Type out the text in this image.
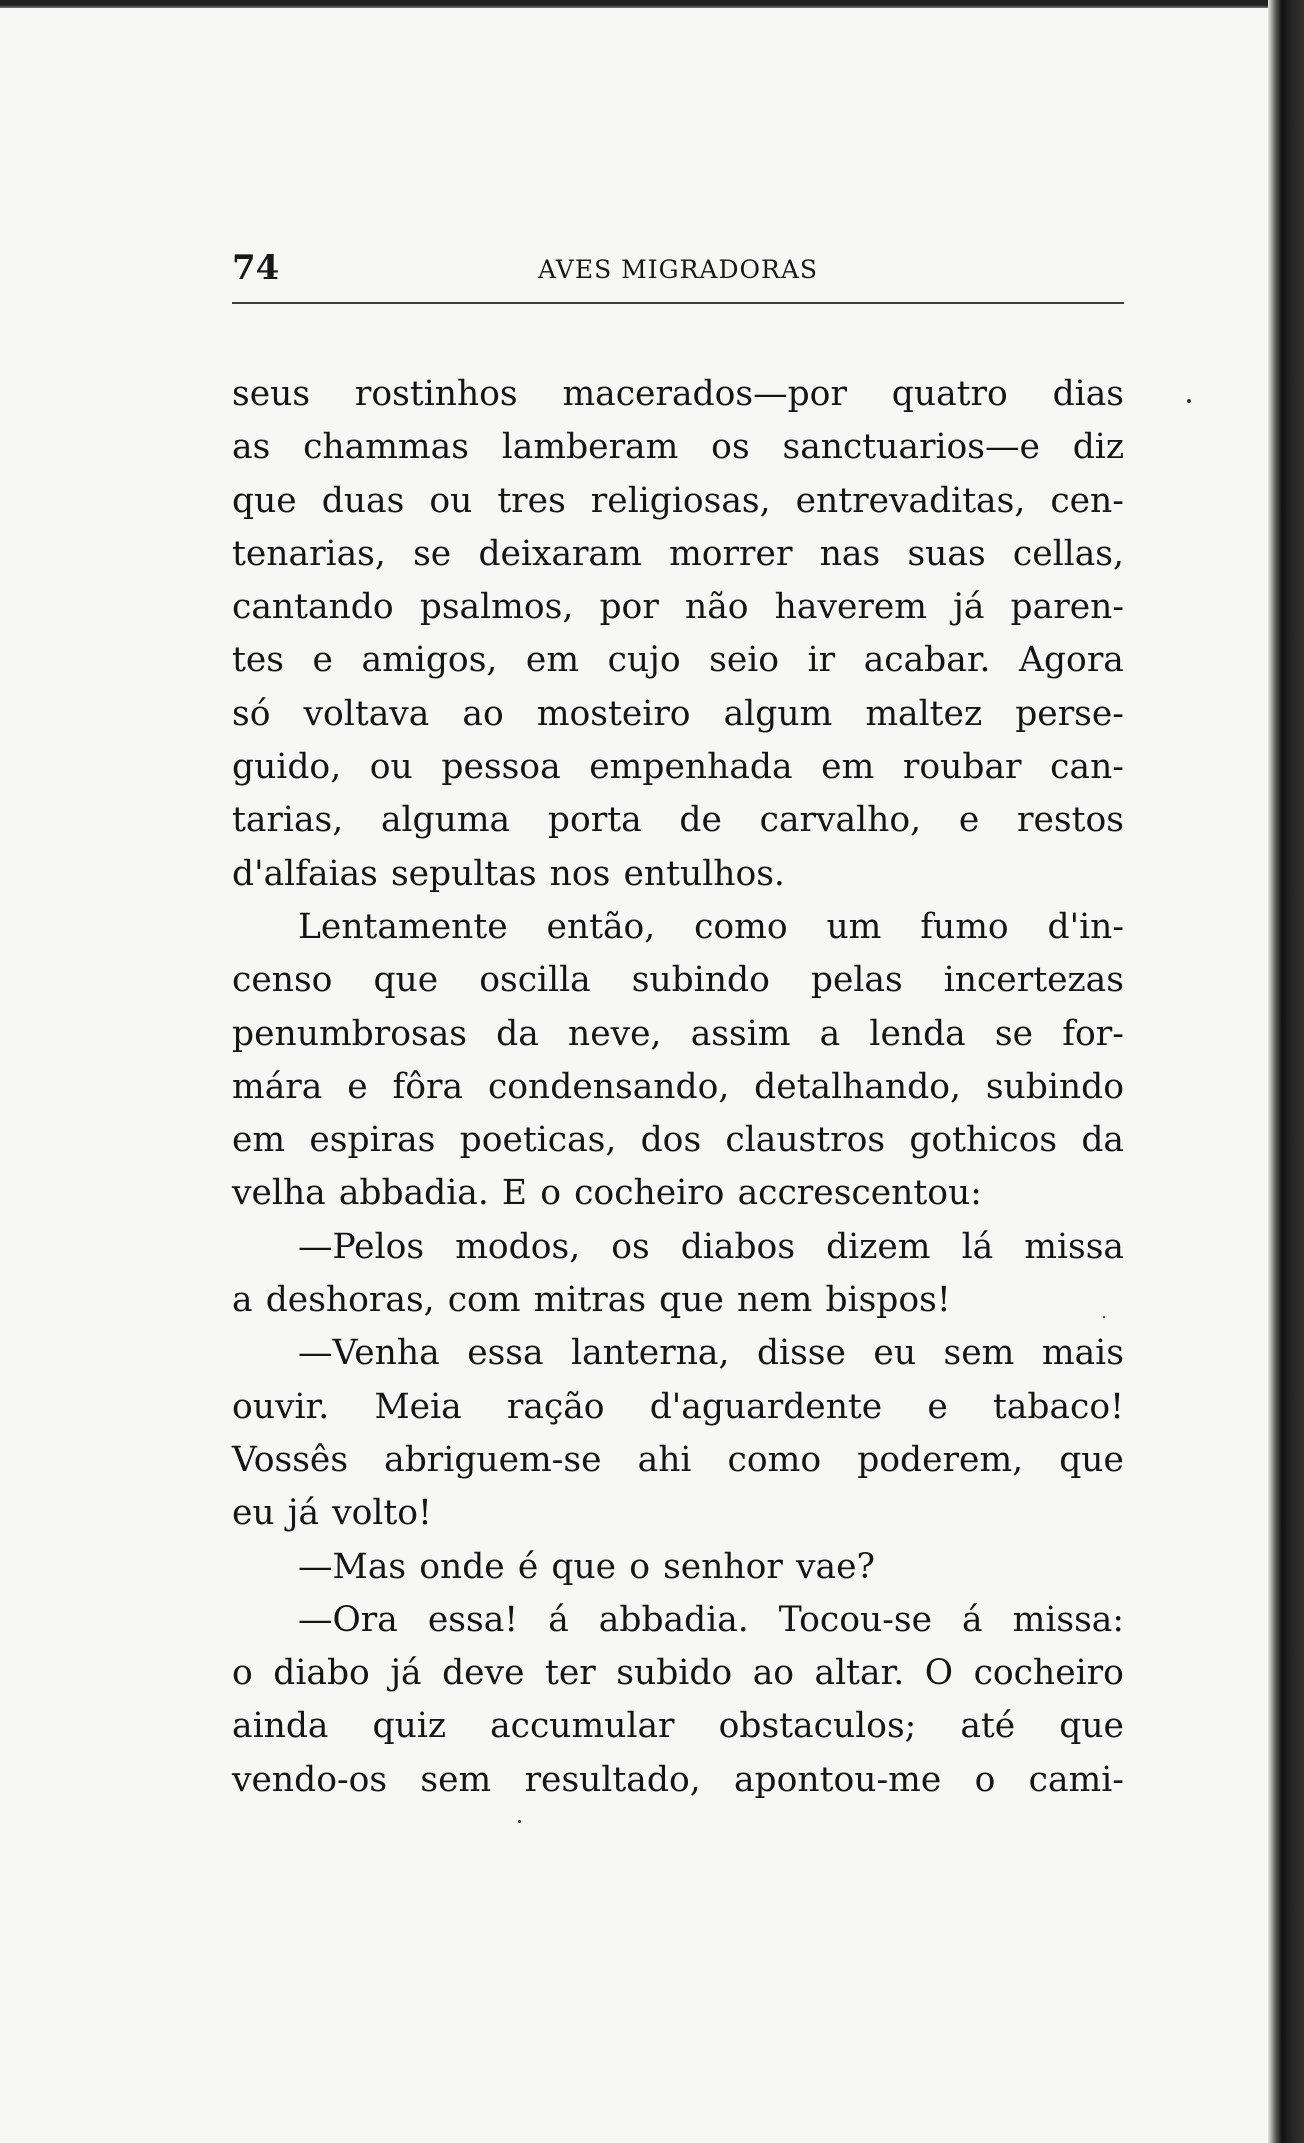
74	AVES MIGRADORAS
seus rostinhos macerados—por quatro dias
as chammas lamberam os sanctuarios—e diz
que duas ou tres religiosas, entrevaditas, cen-
tenarias, se deixaram morrer nas suas cellas,
cantando psalmos, por não haverem já paren-
tes e amigos, em cujo seio ir acabar. Agora
só voltava ao mosteiro algum maltez perse-
guido, ou pessoa empenhada em roubar can-
tarias, alguma porta de carvalho, e restos
d'alfaias sepultas nos entulhos.
Lentamente então, como um fumo d'in-
censo que oscilla subindo pelas incertezas
penumbrosas da neve, assim a lenda se for-
mára e fôra condensando, detalhando, subindo
em espiras poeticas, dos claustros gothicos da
velha abbadia. E o cocheiro accrescentou:
—Pelos modos, os diabos dizem lá missa
a deshoras, com mitras que nem bispos!
—Venha essa lanterna, disse eu sem mais
ouvir. Meia ração d'aguardente e tabaco!
Vossês abriguem-se ahi como poderem, que
eu já volto!
—Mas onde é que o senhor vae?
—Ora essa! á abbadia. Tocou-se á missa:
o diabo já deve ter subido ao altar. O cocheiro
ainda quiz accumular obstaculos; até que
vendo-os sem resultado, apontou-me o cami-
